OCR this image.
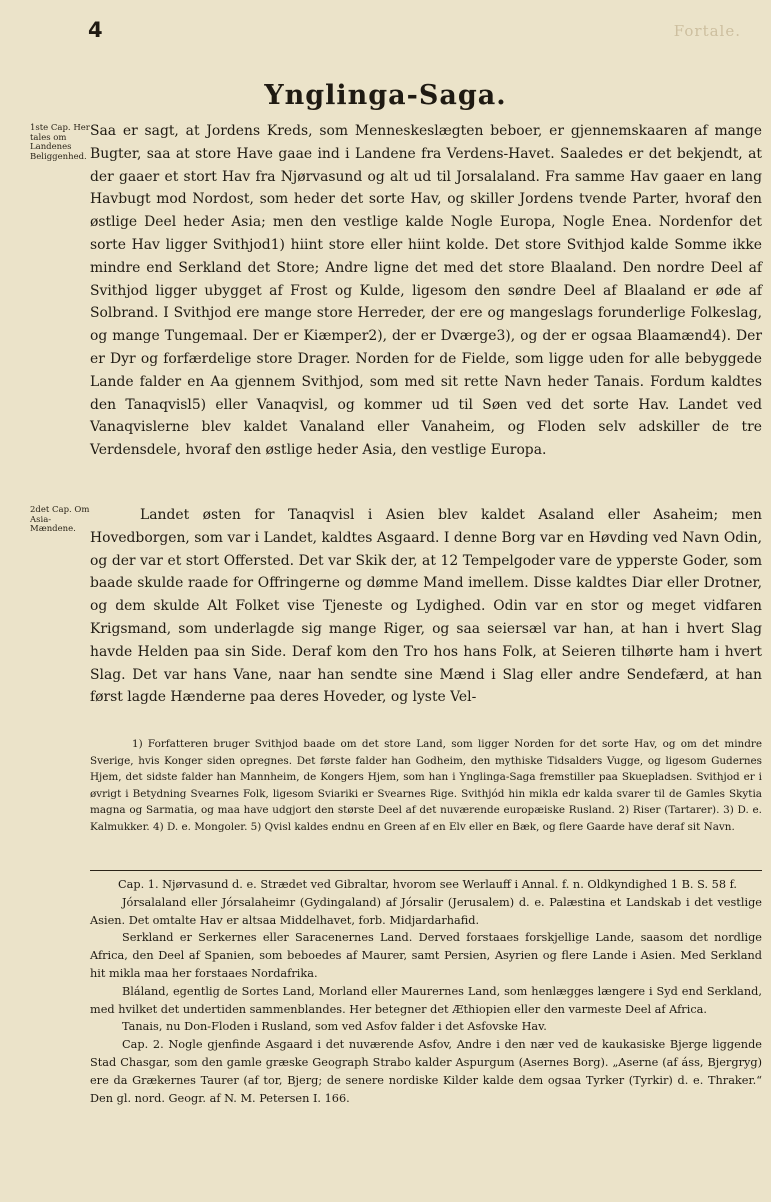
Fortale.
4
Ynglinga-Saga.
1ste Cap. Her tales om Landenes Beliggenhed.
2det Cap. Om Asia-Mændene.

Saa er sagt, at Jordens Kreds, som Menneskeslægten beboer, er gjennemskaaren af mange Bugter, saa at store Have gaae ind i Landene fra Verdens-Havet. Saaledes er det bekjendt, at der gaaer et stort Hav fra Njørvasund og alt ud til Jorsalaland. Fra samme Hav gaaer en lang Havbugt mod Nordost, som heder det sorte Hav, og skiller Jordens tvende Parter, hvoraf den østlige Deel heder Asia; men den vestlige kalde Nogle Europa, Nogle Enea. Nordenfor det sorte Hav ligger Svithjod1) hiint store eller hiint kolde. Det store Svithjod kalde Somme ikke mindre end Serkland det Store; Andre ligne det med det store Blaaland. Den nordre Deel af Svithjod ligger ubygget af Frost og Kulde, ligesom den søndre Deel af Blaaland er øde af Solbrand. I Svithjod ere mange store Herreder, der ere og mangeslags forunderlige Folkeslag, og mange Tungemaal. Der er Kiæmper2), der er Dværge3), og der er ogsaa Blaamænd4). Der er Dyr og forfærdelige store Drager. Norden for de Fielde, som ligge uden for alle bebyggede Lande falder en Aa gjennem Svithjod, som med sit rette Navn heder Tanais. Fordum kaldtes den Tanaqvisl5) eller Vanaqvisl, og kommer ud til Søen ved det sorte Hav. Landet ved Vanaqvislerne blev kaldet Vanaland eller Vanaheim, og Floden selv adskiller de tre Verdensdele, hvoraf den østlige heder Asia, den vestlige Europa.

Landet østen for Tanaqvisl i Asien blev kaldet Asaland eller Asaheim; men Hovedborgen, som var i Landet, kaldtes Asgaard. I denne Borg var en Høvding ved Navn Odin, og der var et stort Offersted. Det var Skik der, at 12 Tempelgoder vare de ypperste Goder, som baade skulde raade for Offringerne og dømme Mand imellem. Disse kaldtes Diar eller Drotner, og dem skulde Alt Folket vise Tjeneste og Lydighed. Odin var en stor og meget vidfaren Krigsmand, som underlagde sig mange Riger, og saa seiersæl var han, at han i hvert Slag havde Helden paa sin Side. Deraf kom den Tro hos hans Folk, at Seieren tilhørte ham i hvert Slag. Det var hans Vane, naar han sendte sine Mænd i Slag eller andre Sendefærd, at han først lagde Hænderne paa deres Hoveder, og lyste Vel-

1) Forfatteren bruger Svithjod baade om det store Land, som ligger Norden for det sorte Hav, og om det mindre Sverige, hvis Konger siden opregnes. Det første falder han Godheim, den mythiske Tidsalders Vugge, og ligesom Gudernes Hjem, det sidste falder han Mannheim, de Kongers Hjem, som han i Ynglinga-Saga fremstiller paa Skuepladsen. Svithjod er i øvrigt i Betydning Svearnes Folk, ligesom Sviariki er Svearnes Rige. Svithjód hin mikla edr kalda svarer til de Gamles Skytia magna og Sarmatia, og maa have udgjort den største Deel af det nuværende europæiske Rusland. 2) Riser (Tartarer). 3) D. e. Kalmukker. 4) D. e. Mongoler. 5) Qvisl kaldes endnu en Green af en Elv eller en Bæk, og flere Gaarde have deraf sit Navn.

Cap. 1. Njørvasund d. e. Strædet ved Gibraltar, hvorom see Werlauff i Annal. f. n. Oldkyndighed 1 B. S. 58 f.

Jórsalaland eller Jórsalaheimr (Gydingaland) af Jórsalir (Jerusalem) d. e. Palæstina et Landskab i det vestlige Asien. Det omtalte Hav er altsaa Middelhavet, forb. Midjardarhafid.

Serkland er Serkernes eller Saracenernes Land. Derved forstaaes forskjellige Lande, saasom det nordlige Africa, den Deel af Spanien, som beboedes af Maurer, samt Persien, Asyrien og flere Lande i Asien. Med Serkland hit mikla maa her forstaaes Nordafrika.

Bláland, egentlig de Sortes Land, Morland eller Maurernes Land, som henlægges længere i Syd end Serkland, med hvilket det undertiden sammenblandes. Her betegner det Æthiopien eller den varmeste Deel af Africa.

Tanais, nu Don-Floden i Rusland, som ved Asfov falder i det Asfovske Hav.

Cap. 2. Nogle gjenfinde Asgaard i det nuværende Asfov, Andre i den nær ved de kaukasiske Bjerge liggende Stad Chasgar, som den gamle græske Geograph Strabo kalder Aspurgum (Asernes Borg). „Aserne (af áss, Bjergryg) ere da Grækernes Taurer (af tor, Bjerg; de senere nordiske Kilder kalde dem ogsaa Tyrker (Tyrkir) d. e. Thraker.“ Den gl. nord. Geogr. af N. M. Petersen I. 166.
